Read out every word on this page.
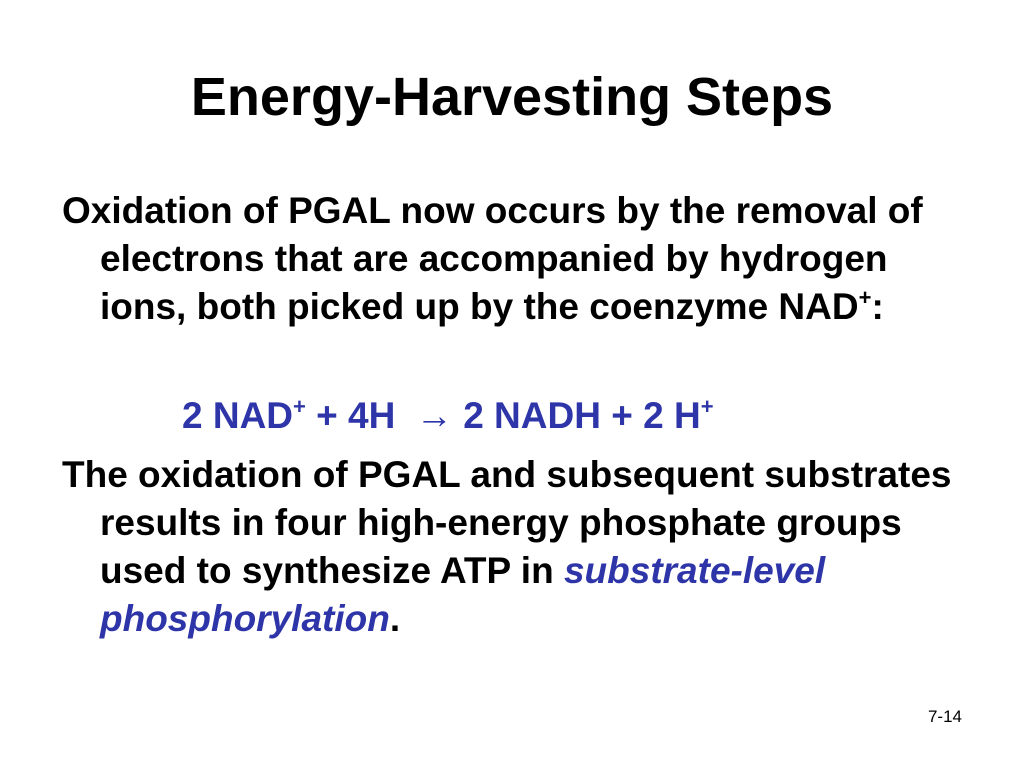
Energy-Harvesting Steps

Oxidation of PGAL now occurs by the removal of electrons that are accompanied by hydrogen ions, both picked up by the coenzyme NAD+:

2 NAD+ + 4H  → 2 NADH + 2 H+

The oxidation of PGAL and subsequent substrates results in four high-energy phosphate groups used to synthesize ATP in substrate-level phosphorylation.

7-14
